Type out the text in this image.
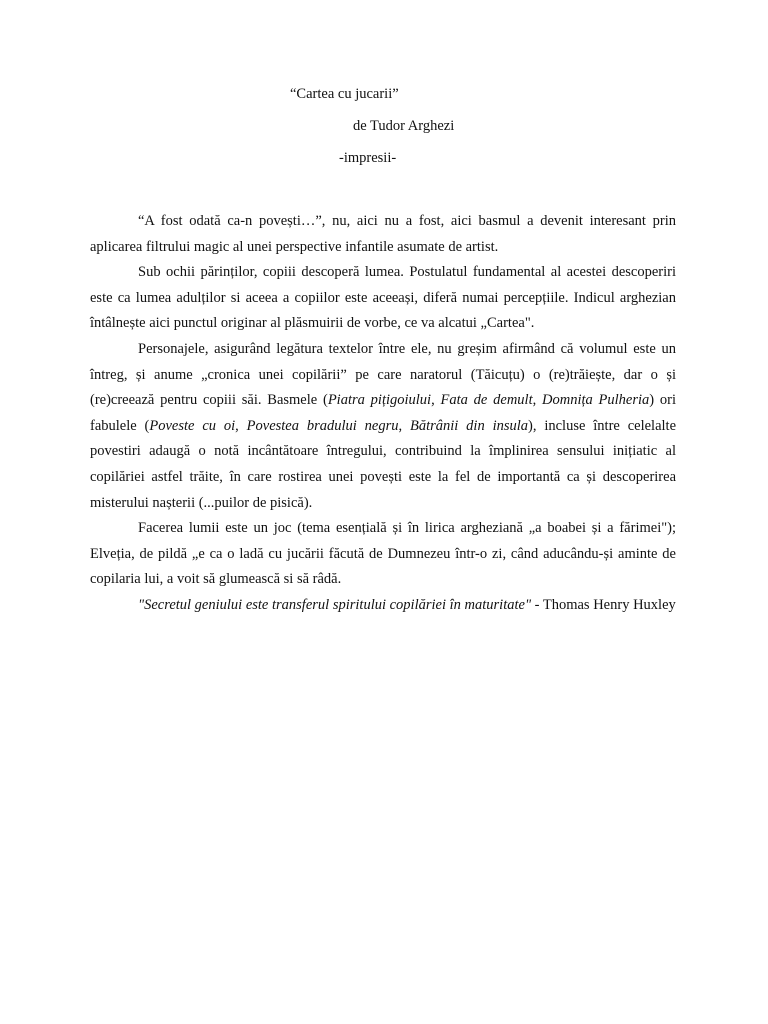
“Cartea cu jucarii”
de Tudor Arghezi
-impresii-

“A fost odată ca-n povești…”, nu, aici nu a fost, aici basmul a devenit interesant prin aplicarea filtrului magic al unei perspective infantile asumate de artist.

Sub ochii părinților, copiii descoperă lumea. Postulatul fundamental al acestei descoperiri este ca lumea adulților si aceea a copiilor este aceeași, diferă numai percepțiile. Indicul arghezian întâlnește aici punctul originar al plăsmuirii de vorbe, ce va alcatui „Cartea".

Personajele, asigurând legătura textelor între ele, nu greșim afirmând că volumul este un întreg, și anume „cronica unei copilării” pe care naratorul (Tăicuțu) o (re)trăiește, dar o și (re)creează pentru copiii săi. Basmele (Piatra pițigoiului, Fata de demult, Domnița Pulheria) ori fabulele (Poveste cu oi, Povestea bradului negru, Bătrânii din insula), incluse între celelalte povestiri adaugă o notă incântătoare întregului, contribuind la împlinirea sensului inițiatic al copilăriei astfel trăite, în care rostirea unei povești este la fel de importantă ca și descoperirea misterului nașterii (...puilor de pisică).

Facerea lumii este un joc (tema esențială și în lirica argheziană „a boabei și a fărimei"); Elveția, de pildă „e ca o ladă cu jucării făcută de Dumnezeu într-o zi, când aducându-și aminte de copilaria lui, a voit să glumească si să râdă.

"Secretul geniului este transferul spiritului copilăriei în maturitate" - Thomas Henry Huxley
